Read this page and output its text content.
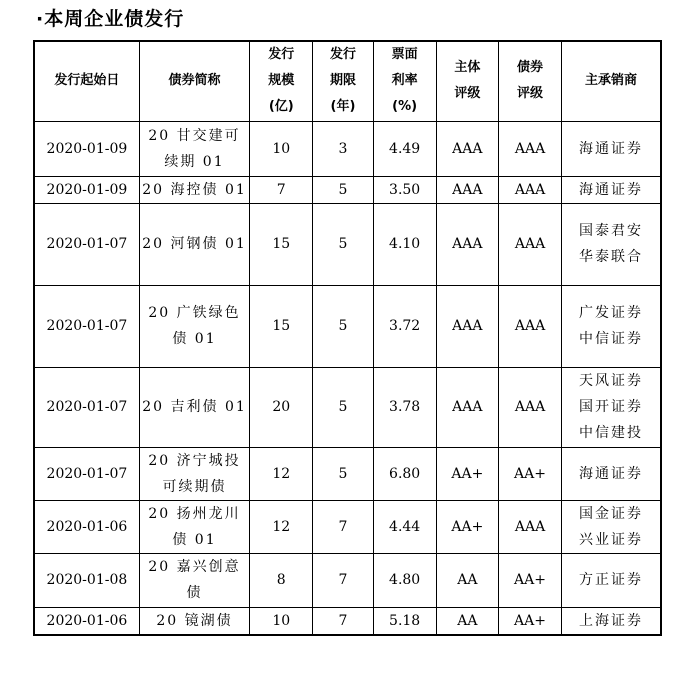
·本周企业债发行
发行起始日	债券简称	发行
规模
(亿)	发行
期限
(年)	票面
利率
(%)	主体
评级	债券
评级	主承销商

2020-01-09	20 甘交建可
续期 01	10	3	4.49	AAA	AAA	海通证券

2020-01-09	20 海控债 01	7	5	3.50	AAA	AAA	海通证券

2020-01-07	20 河钢债 01	15	5	4.10	AAA	AAA	国泰君安
华泰联合

2020-01-07	20 广铁绿色
债 01	15	5	3.72	AAA	AAA	广发证券
中信证券

2020-01-07	20 吉利债 01	20	5	3.78	AAA	AAA	天风证券
国开证券
中信建投

2020-01-07	20 济宁城投
可续期债	12	5	6.80	AA+	AA+	海通证券

2020-01-06	20 扬州龙川
债 01	12	7	4.44	AA+	AAA	国金证券
兴业证券

2020-01-08	20 嘉兴创意
债	8	7	4.80	AA	AA+	方正证券

2020-01-06	20 镜湖债	10	7	5.18	AA	AA+	上海证券
